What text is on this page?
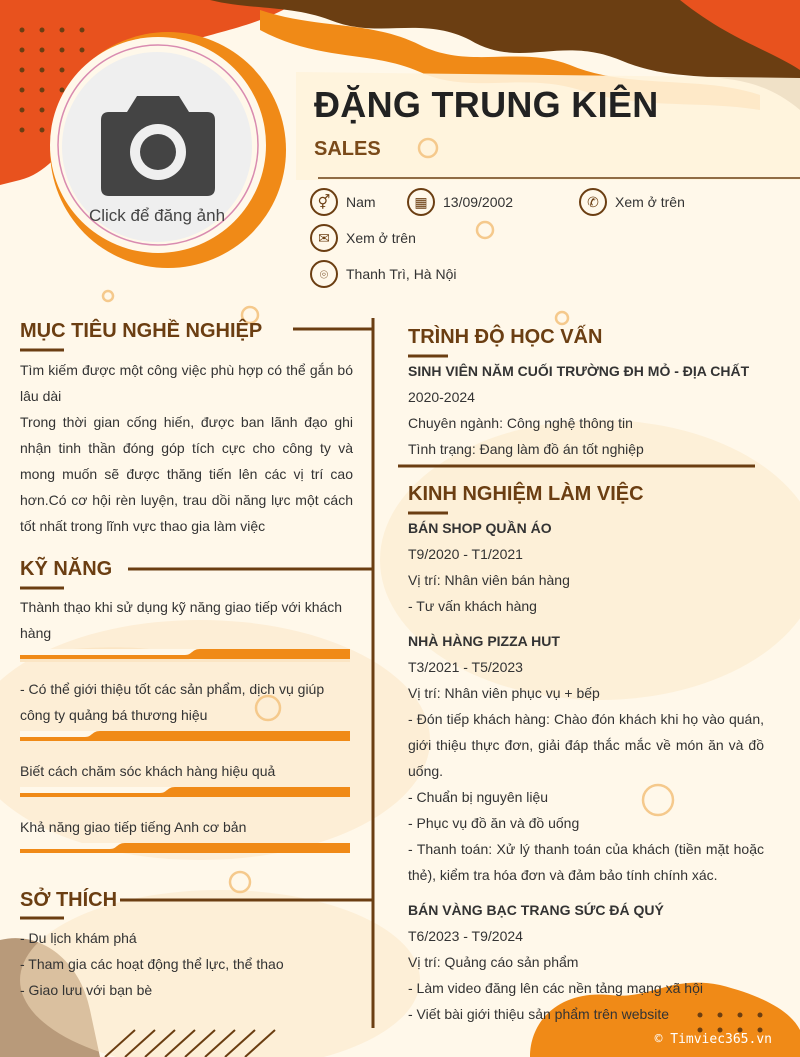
Click để đăng ảnh
ĐẶNG TRUNG KIÊN
SALES
⚥	Nam	▦	13/09/2002	✆	Xem ở trên
✉	Xem ở trên
⌾	Thanh Trì, Hà Nội
MỤC TIÊU NGHỀ NGHIỆP
Tìm kiếm được một công việc phù hợp có thể gắn bó lâu dài
Trong thời gian cống hiến, được ban lãnh đạo ghi nhận tinh thần đóng góp tích cực cho công ty và mong muốn sẽ được thăng tiến lên các vị trí cao hơn.Có cơ hội rèn luyện, trau dồi năng lực một cách tốt nhất trong lĩnh vực thao gia làm việc
KỸ NĂNG
Thành thạo khi sử dụng kỹ năng giao tiếp với khách hàng
- Có thể giới thiệu tốt các sản phẩm, dịch vụ giúp công ty quảng bá thương hiệu
Biết cách chăm sóc khách hàng hiệu quả
Khả năng giao tiếp tiếng Anh cơ bản
SỞ THÍCH
- Du lịch khám phá
- Tham gia các hoạt động thể lực, thể thao
- Giao lưu với bạn bè
TRÌNH ĐỘ HỌC VẤN
SINH VIÊN NĂM CUỐI TRƯỜNG ĐH MỎ - ĐỊA CHẤT
2020-2024
Chuyên ngành: Công nghệ thông tin
Tình trạng: Đang làm đồ án tốt nghiệp
KINH NGHIỆM LÀM VIỆC
BÁN SHOP QUẦN ÁO
T9/2020 - T1/2021
Vị trí: Nhân viên bán hàng
- Tư vấn khách hàng
NHÀ HÀNG PIZZA HUT
T3/2021 - T5/2023
Vị trí: Nhân viên phục vụ + bếp
- Đón tiếp khách hàng: Chào đón khách khi họ vào quán, giới thiệu thực đơn, giải đáp thắc mắc về món ăn và đồ uống.
- Chuẩn bị nguyên liệu
- Phục vụ đồ ăn và đồ uống
- Thanh toán: Xử lý thanh toán của khách (tiền mặt hoặc thẻ), kiểm tra hóa đơn và đảm bảo tính chính xác.
BÁN VÀNG BẠC TRANG SỨC ĐÁ QUÝ
T6/2023 - T9/2024
Vị trí: Quảng cáo sản phẩm
- Làm video đăng lên các nền tảng mạng xã hội
- Viết bài giới thiệu sản phẩm trên website
© Timviec365.vn
